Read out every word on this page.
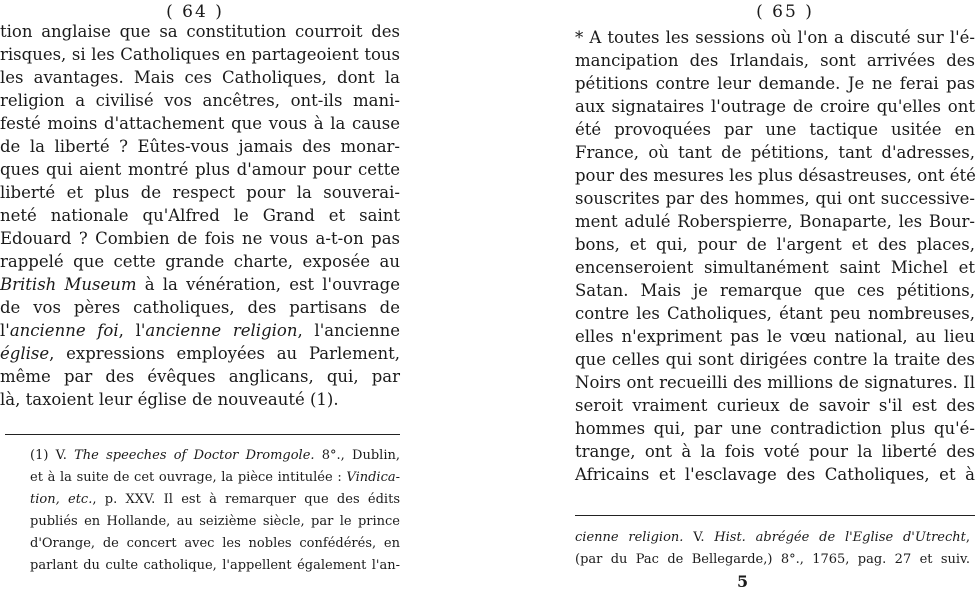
( 64 )
tion anglaise que sa constitution courroit des
risques, si les Catholiques en partageoient tous
les avantages. Mais ces Catholiques, dont la
religion a civilisé vos ancêtres, ont-ils mani-
festé moins d'attachement que vous à la cause
de la liberté ? Eûtes-vous jamais des monar-
ques qui aient montré plus d'amour pour cette
liberté et plus de respect pour la souverai-
neté nationale qu'Alfred le Grand et saint
Edouard ? Combien de fois ne vous a-t-on pas
rappelé que cette grande charte, exposée au
British Museum à la vénération, est l'ouvrage
de vos pères catholiques, des partisans de
l'ancienne foi, l'ancienne religion, l'ancienne
église, expressions employées au Parlement,
même par des évêques anglicans, qui, par
là, taxoient leur église de nouveauté (1).
(1) V. The speeches of Doctor Dromgole. 8°., Dublin,
et à la suite de cet ouvrage, la pièce intitulée : Vindica-
tion, etc., p. XXV. Il est à remarquer que des édits
publiés en Hollande, au seizième siècle, par le prince
d'Orange, de concert avec les nobles confédérés, en
parlant du culte catholique, l'appellent également l'an-
( 65 )
* A toutes les sessions où l'on a discuté sur l'é-
mancipation des Irlandais, sont arrivées des
pétitions contre leur demande. Je ne ferai pas
aux signataires l'outrage de croire qu'elles ont
été provoquées par une tactique usitée en
France, où tant de pétitions, tant d'adresses,
pour des mesures les plus désastreuses, ont été
souscrites par des hommes, qui ont successive-
ment adulé Roberspierre, Bonaparte, les Bour-
bons, et qui, pour de l'argent et des places,
encenseroient simultanément saint Michel et
Satan. Mais je remarque que ces pétitions,
contre les Catholiques, étant peu nombreuses,
elles n'expriment pas le vœu national, au lieu
que celles qui sont dirigées contre la traite des
Noirs ont recueilli des millions de signatures. Il
seroit vraiment curieux de savoir s'il est des
hommes qui, par une contradiction plus qu'é-
trange, ont à la fois voté pour la liberté des
Africains et l'esclavage des Catholiques, et à
cienne religion. V. Hist. abrégée de l'Eglise d'Utrecht,
(par du Pac de Bellegarde,) 8°., 1765, pag. 27 et suiv.
5
